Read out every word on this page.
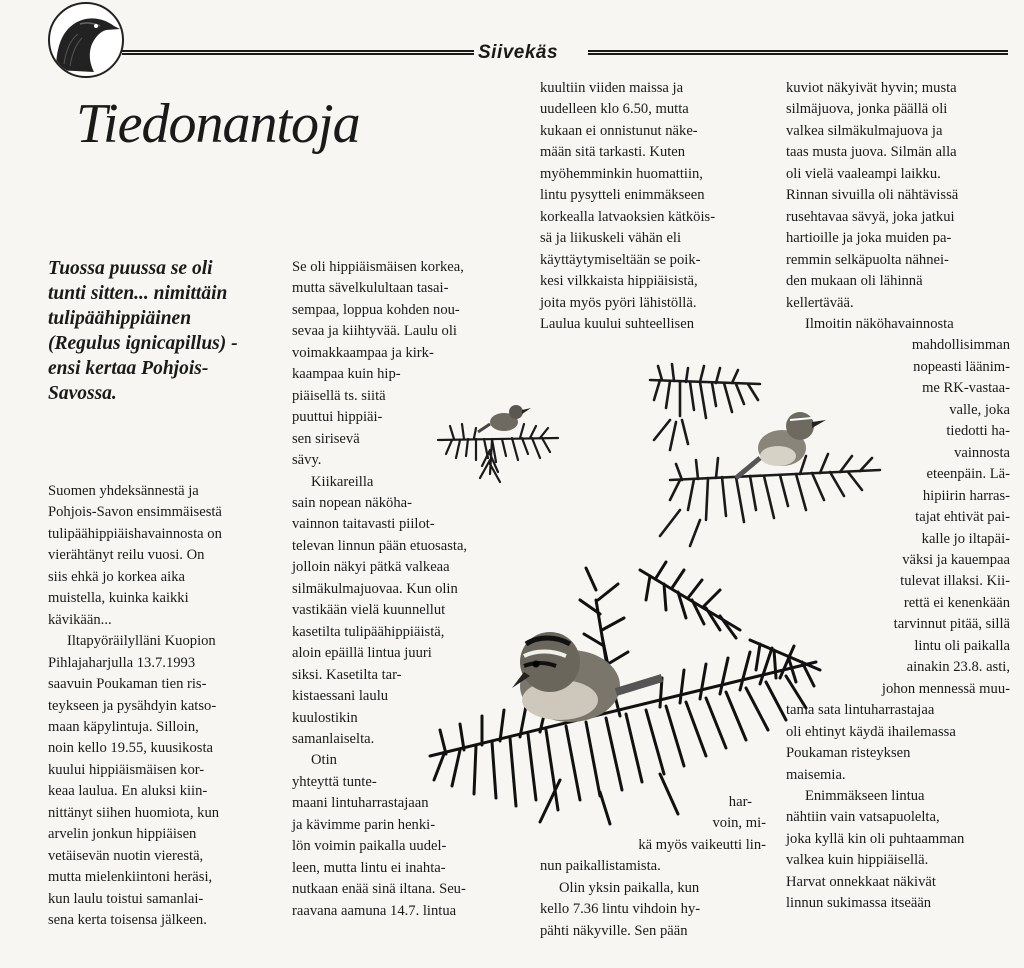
Siivekäs
Tiedonantoja

Tuossa puussa se oli

tunti sitten... nimittäin

tulipäähippiäinen

(Regulus ignicapillus) -

ensi kertaa Pohjois-

Savossa.

Suomen yhdeksännestä ja

Pohjois-Savon ensimmäisestä

tulipäähippiäishavainnosta on

vierähtänyt reilu vuosi. On

siis ehkä jo korkea aika

muistella, kuinka kaikki

kävikään...

Iltapyöräilylläni Kuopion

Pihlajaharjulla 13.7.1993

saavuin Poukaman tien ris-

teykseen ja pysähdyin katso-

maan käpylintuja. Silloin,

noin kello 19.55, kuusikosta

kuului hippiäismäisen kor-

keaa laulua. En aluksi kiin-

nittänyt siihen huomiota, kun

arvelin jonkun hippiäisen

vetäisevän nuotin vierestä,

mutta mielenkiintoni heräsi,

kun laulu toistui samanlai-

sena kerta toisensa jälkeen.

Se oli hippiäismäisen korkea,

mutta sävelkulultaan tasai-

sempaa, loppua kohden nou-

sevaa ja kiihtyvää. Laulu oli

voimakkaampaa ja kirk-

kaampaa kuin hip-

piäisellä ts. siitä

puuttui hippiäi-

sen sirisevä

sävy.

Kiikareilla

sain nopean näköha-

vainnon taitavasti piilot-

televan linnun pään etuosasta,

jolloin näkyi pätkä valkeaa

silmäkulmajuovaa. Kun olin

vastikään vielä kuunnellut

kasetilta tulipäähippiäistä,

aloin epäillä lintua juuri

siksi. Kasetilta tar-

kistaessani laulu

kuulostikin

samanlaiselta.

Otin

yhteyttä tunte-

maani lintuharrastajaan

ja kävimme parin henki-

lön voimin paikalla uudel-

leen, mutta lintu ei inahta-

nutkaan enää sinä iltana. Seu-

raavana aamuna 14.7. lintua

kuultiin viiden maissa ja

uudelleen klo 6.50, mutta

kukaan ei onnistunut näke-

mään sitä tarkasti. Kuten

myöhemminkin huomattiin,

lintu pysytteli enimmäkseen

korkealla latvaoksien kätköis-

sä ja liikuskeli vähän eli

käyttäytymiseltään se poik-

kesi vilkkaista hippiäisistä,

joita myös pyöri lähistöllä.

Laulua kuului suhteellisen

har-

voin, mi-

kä myös vaikeutti lin-

nun paikallistamista.

Olin yksin paikalla, kun

kello 7.36 lintu vihdoin hy-

pähti näkyville. Sen pään

kuviot näkyivät hyvin; musta

silmäjuova, jonka päällä oli

valkea silmäkulmajuova ja

taas musta juova. Silmän alla

oli vielä vaaleampi laikku.

Rinnan sivuilla oli nähtävissä

rusehtavaa sävyä, joka jatkui

hartioille ja joka muiden pa-

remmin selkäpuolta nähnei-

den mukaan oli lähinnä

kellertävää.

Ilmoitin näköhavainnosta

mahdollisimman

nopeasti läänim-

me RK-vastaa-

valle, joka

tiedotti ha-

vainnosta

eteenpäin. Lä-

hipiirin harras-

tajat ehtivät pai-

kalle jo iltapäi-

väksi ja kauempaa

tulevat illaksi. Kii-

rettä ei kenenkään

tarvinnut pitää, sillä

lintu oli paikalla

ainakin 23.8. asti,

johon mennessä muu-

tama sata lintuharrastajaa

oli ehtinyt käydä ihailemassa

Poukaman risteyksen

maisemia.

Enimmäkseen lintua

nähtiin vain vatsapuolelta,

joka kyllä kin oli puhtaamman

valkea kuin hippiäisellä.

Harvat onnekkaat näkivät

linnun sukimassa itseään
